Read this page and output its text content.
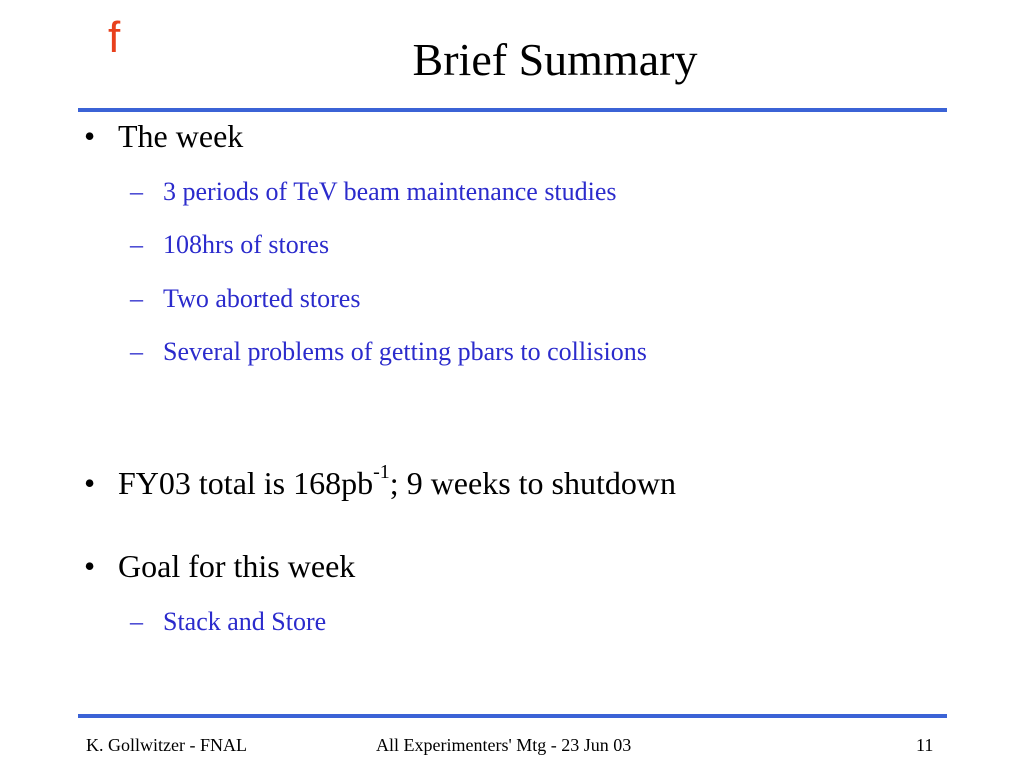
f	Brief Summary
• The week
– 3 periods of TeV beam maintenance studies
– 108hrs of stores
– Two aborted stores
– Several problems of getting pbars to collisions
• FY03 total is $168pb^{-1}$; 9 weeks to shutdown
• Goal for this week
– Stack and Store
K. Gollwitzer - FNAL	All Experimenters' Mtg - 23 Jun 03	11
